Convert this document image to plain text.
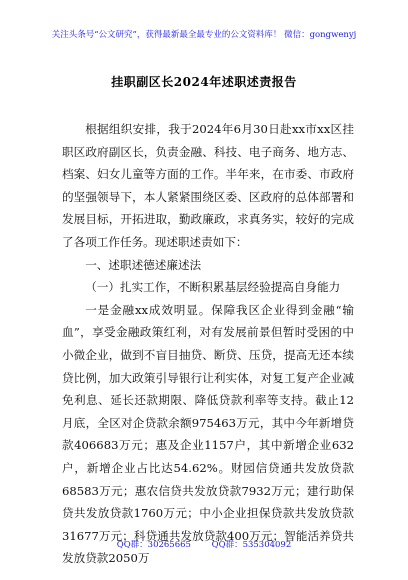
关注头条号“公文研究”，获得最新最全最专业的公文资料库！ 微信：gongwenyj
挂职副区长2024年述职述责报告

根据组织安排，我于2024年6月30日赴xx市xx区挂职区政府副区长，负责金融、科技、电子商务、地方志、档案、妇女儿童等方面的工作。半年来，在市委、市政府的坚强领导下，本人紧紧围绕区委、区政府的总体部署和发展目标，开拓进取，勤政廉政，求真务实，较好的完成了各项工作任务。现述职述责如下：

一、述职述德述廉述法

（一）扎实工作，不断积累基层经验提高自身能力

一是金融xx成效明显。保障我区企业得到金融“输血”，享受金融政策红利，对有发展前景但暂时受困的中小微企业，做到不盲目抽贷、断贷、压贷，提高无还本续贷比例，加大政策引导银行让利实体，对复工复产企业减免利息、延长还款期限、降低贷款利率等支持。截止12月底，全区对企贷款余额975463万元，其中今年新增贷款406683万元；惠及企业1157户，其中新增企业632户，新增企业占比达54.62%。财园信贷通共发放贷款68583万元；惠农信贷共发放贷款7932万元；建行助保贷共发放贷款1760万元；中小企业担保贷款共发放贷款31677万元；科贷通共发放贷款400万元；智能活养贷共发放贷款2050万

QQ群：30265665 QQ群：535304092
